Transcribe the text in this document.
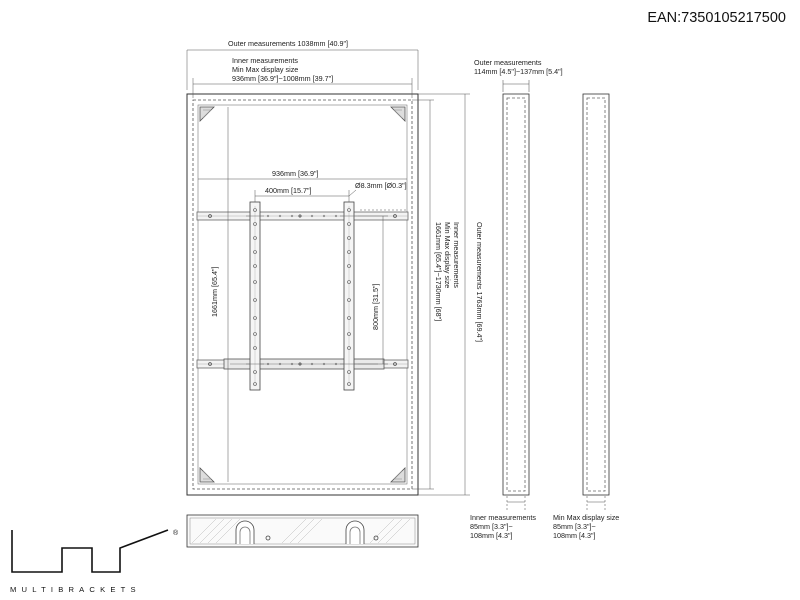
EAN:7350105217500
Outer measurements 1038mm [40.9"]
Inner measurements
Min Max display size
936mm [36.9"]~1008mm [39.7"]
936mm [36.9"]
400mm [15.7"]
Ø8.3mm [Ø0.3"]
1661mm [65.4"]	800mm [31.5"]
Inner measurements
Min Max display size
1661mm [65.4"]~1730mm [68"]	Outer measurements 1763mm [69.4"]
Outer measurements
114mm [4.5"]~137mm [5.4"]
Inner measurements
85mm [3.3"]~
108mm [4.3"]
Min Max display size
85mm [3.3"]~
108mm [4.3"]
MULTIBRACKETS
®
